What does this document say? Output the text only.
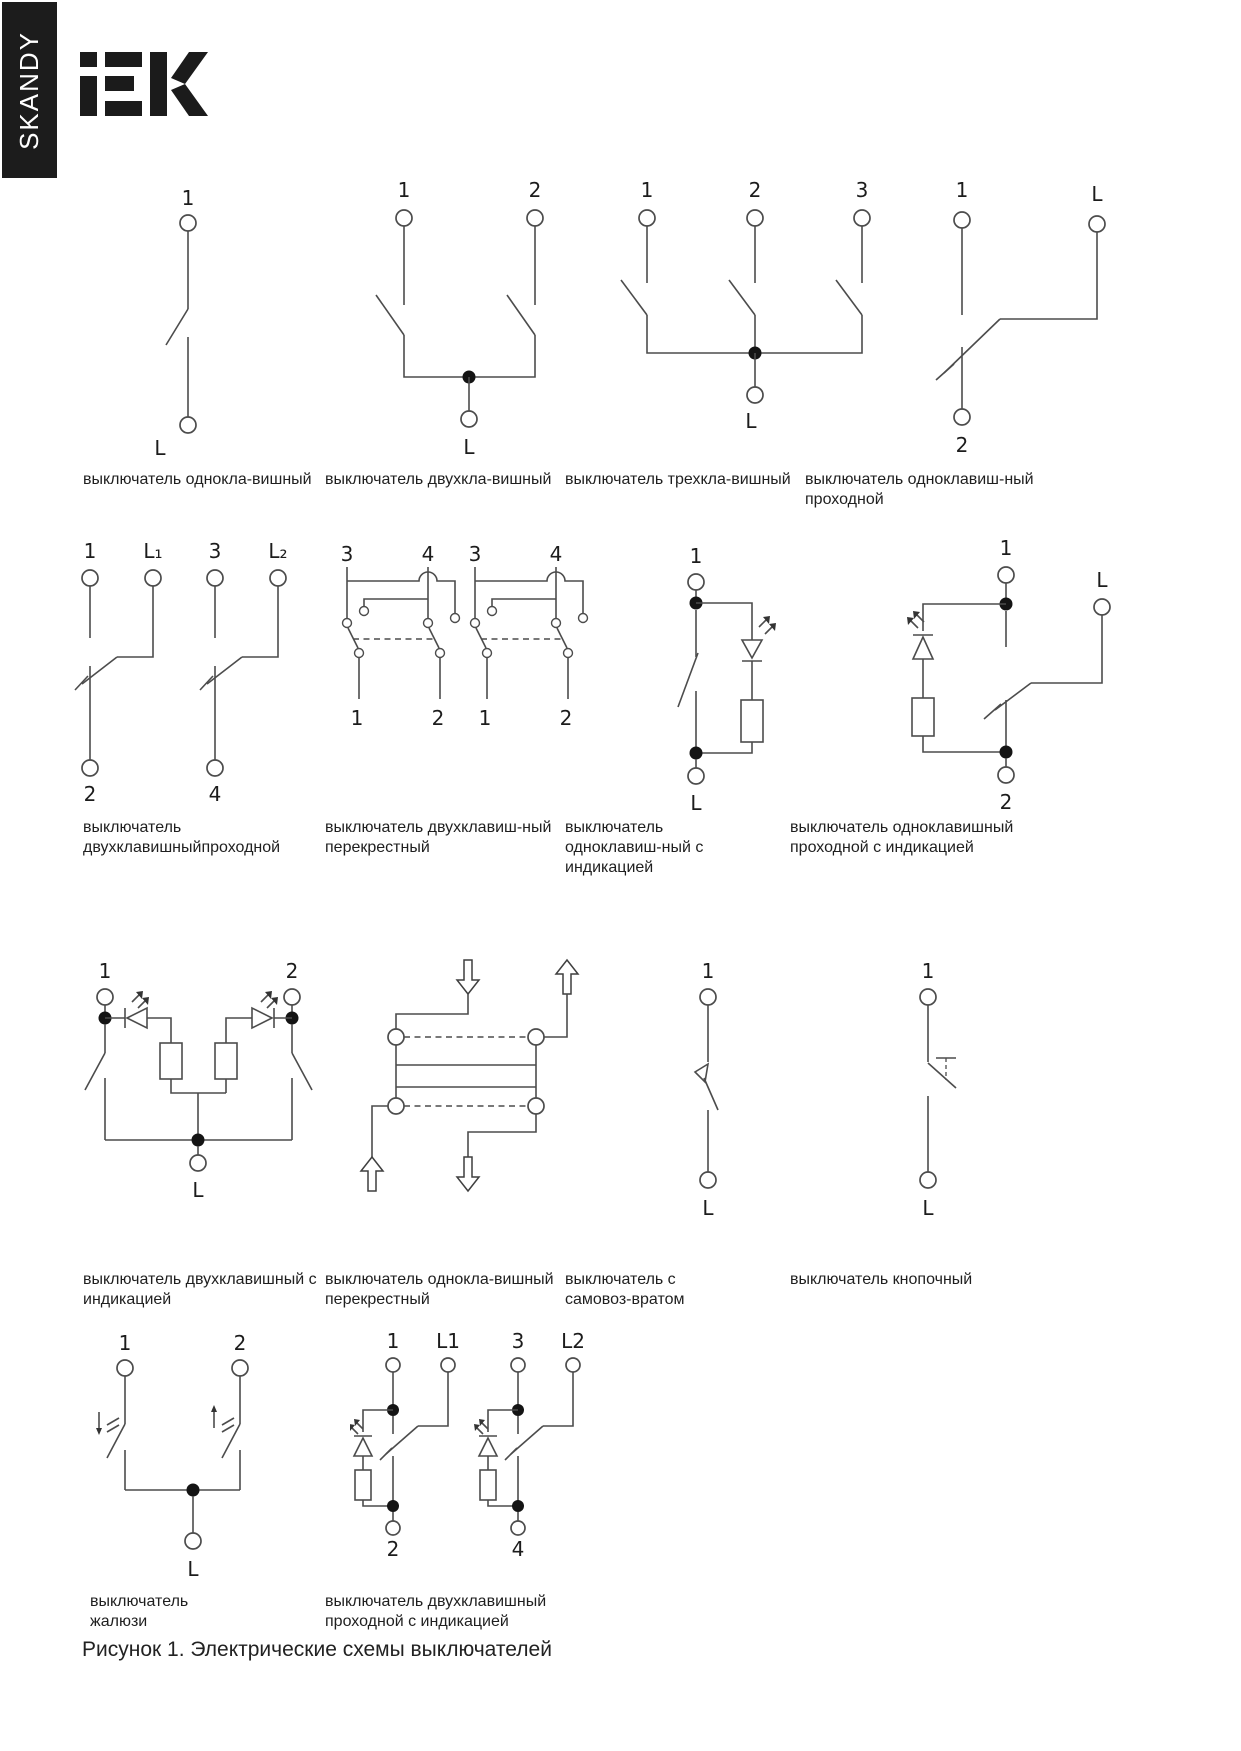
SKANDY
1
L
выключатель однокла-вишный
1	2
L
выключатель двухкла-вишный
1	2	3
L
выключатель трехкла-вишный
1	L
2
выключатель одноклавиш-ный проходной
1 L₁
2
3 L₂
4
выключатель двухклавишныйпроходной
3	4
1	2
3	4
1	2
выключатель двухклавиш-ный перекрестный
1
L
выключатель одноклавиш-ный с индикацией
1
L
2
выключатель одноклавишный проходной с индикацией
1	2
L
выключатель двухклавишный с индикацией
выключатель однокла-вишный перекрестный
1
L
выключатель с самовоз-вратом
1
L
выключатель кнопочный
1	2
L
выключатель жалюзи
1 L1
2
3 L2
4
выключатель двухклавишный проходной с индикацией
Рисунок 1. Электрические схемы выключателей
